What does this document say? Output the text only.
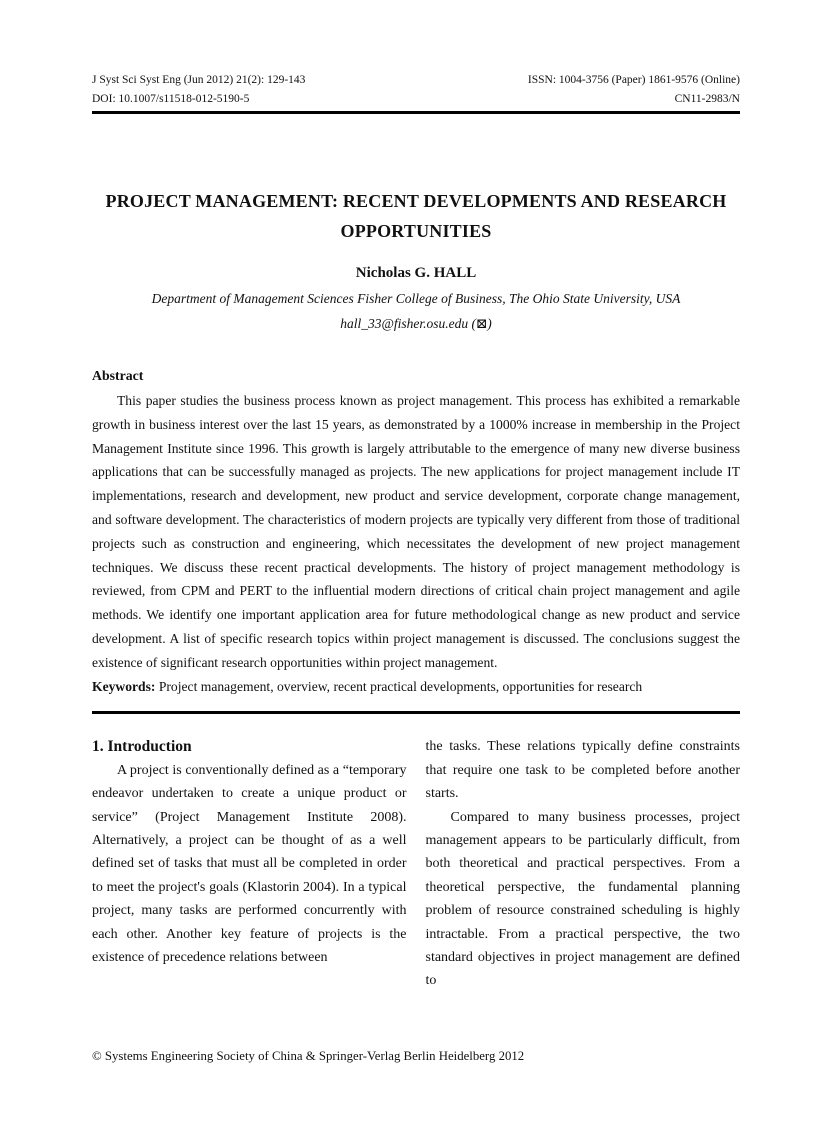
J Syst Sci Syst Eng (Jun 2012) 21(2): 129-143
DOI: 10.1007/s11518-012-5190-5
ISSN: 1004-3756 (Paper) 1861-9576 (Online)
CN11-2983/N
PROJECT MANAGEMENT: RECENT DEVELOPMENTS AND RESEARCH
OPPORTUNITIES
Nicholas G. HALL
Department of Management Sciences Fisher College of Business, The Ohio State University, USA
hall_33@fisher.osu.edu (⊠)
Abstract
This paper studies the business process known as project management. This process has exhibited a remarkable growth in business interest over the last 15 years, as demonstrated by a 1000% increase in membership in the Project Management Institute since 1996. This growth is largely attributable to the emergence of many new diverse business applications that can be successfully managed as projects. The new applications for project management include IT implementations, research and development, new product and service development, corporate change management, and software development. The characteristics of modern projects are typically very different from those of traditional projects such as construction and engineering, which necessitates the development of new project management techniques. We discuss these recent practical developments. The history of project management methodology is reviewed, from CPM and PERT to the influential modern directions of critical chain project management and agile methods. We identify one important application area for future methodological change as new product and service development. A list of specific research topics within project management is discussed. The conclusions suggest the existence of significant research opportunities within project management.
Keywords: Project management, overview, recent practical developments, opportunities for research
1. Introduction
A project is conventionally defined as a “temporary endeavor undertaken to create a unique product or service” (Project Management Institute 2008). Alternatively, a project can be thought of as a well defined set of tasks that must all be completed in order to meet the project's goals (Klastorin 2004). In a typical project, many tasks are performed concurrently with each other. Another key feature of projects is the existence of precedence relations between
the tasks. These relations typically define constraints that require one task to be completed before another starts.
Compared to many business processes, project management appears to be particularly difficult, from both theoretical and practical perspectives. From a theoretical perspective, the fundamental planning problem of resource constrained scheduling is highly intractable. From a practical perspective, the two standard objectives in project management are defined to
© Systems Engineering Society of China & Springer-Verlag Berlin Heidelberg 2012
